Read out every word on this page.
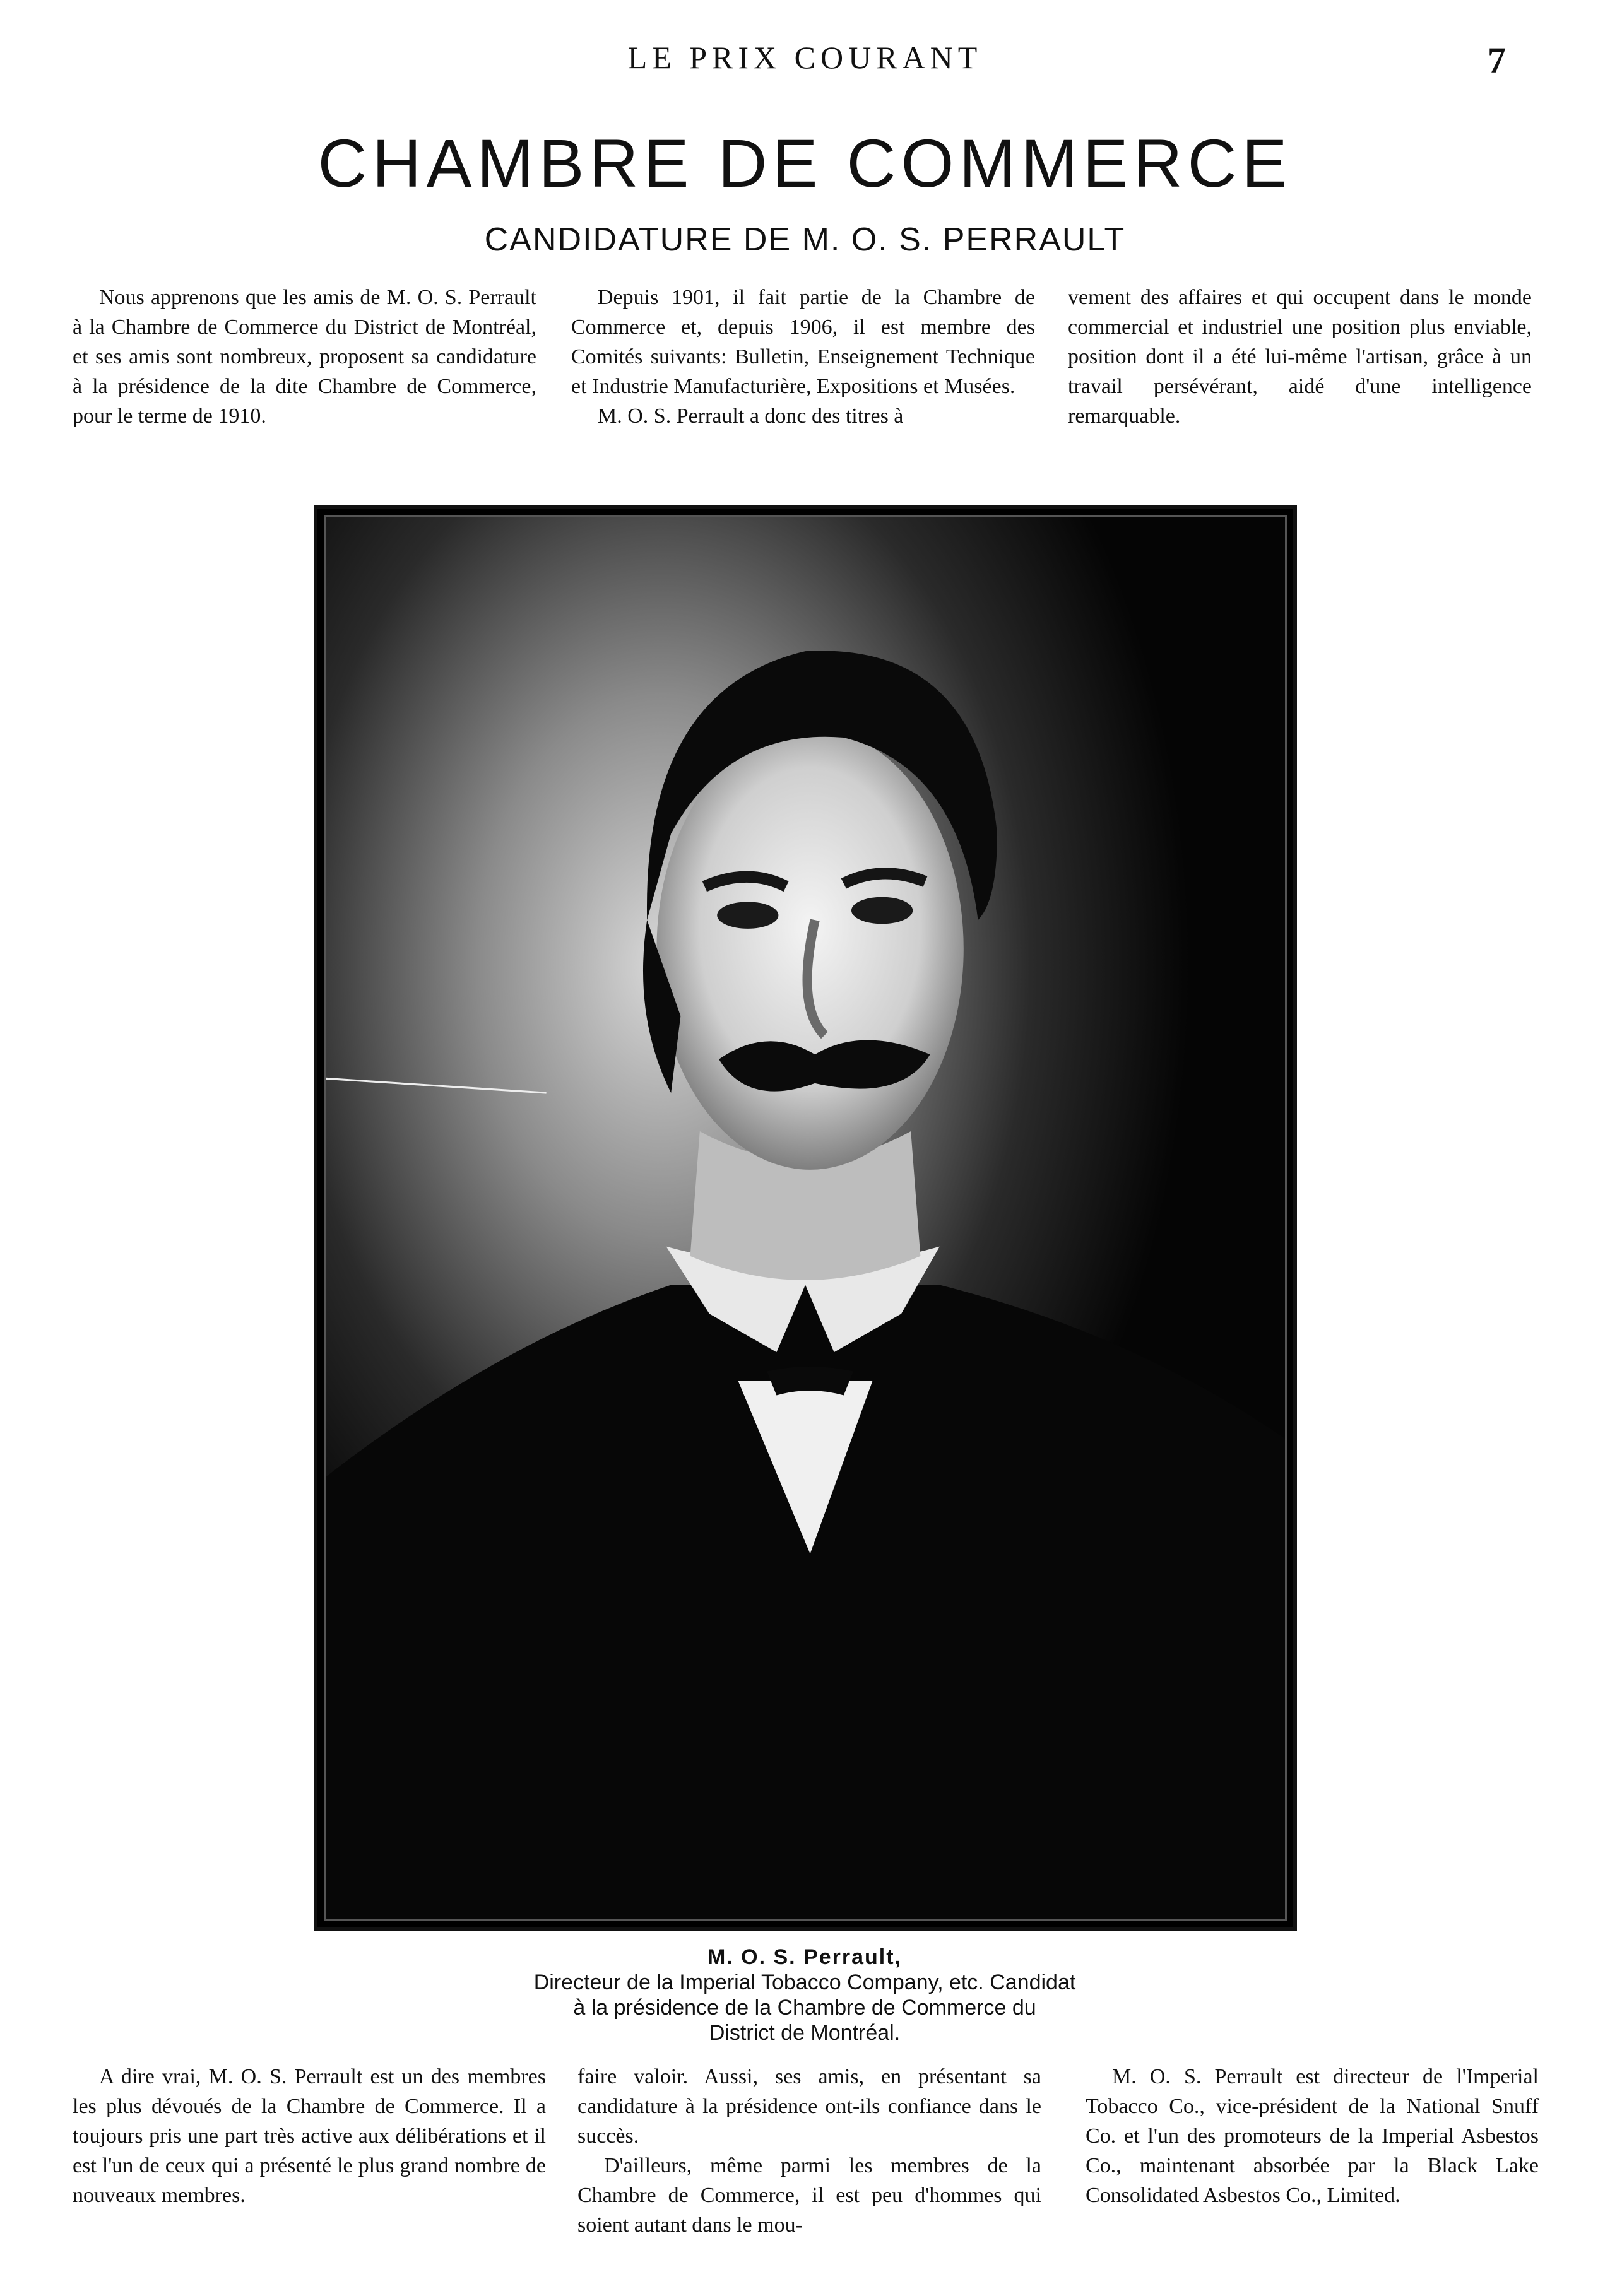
LE PRIX COURANT	7
CHAMBRE DE COMMERCE
CANDIDATURE DE M. O. S. PERRAULT

Nous apprenons que les amis de M. O. S. Perrault à la Chambre de Commerce du District de Montréal, et ses amis sont nombreux, proposent sa candidature à la présidence de la dite Chambre de Commerce, pour le terme de 1910.

Depuis 1901, il fait partie de la Chambre de Commerce et, depuis 1906, il est membre des Comités suivants: Bulletin, Enseignement Technique et Industrie Manufacturière, Expositions et Musées.

M. O. S. Perrault a donc des titres à

vement des affaires et qui occupent dans le monde commercial et industriel une position plus enviable, position dont il a été lui-même l'artisan, grâce à un travail persévérant, aidé d'une intelligence remarquable.

M. O. S. Perrault,
Directeur de la Imperial Tobacco Company, etc. Candidat
à la présidence de la Chambre de Commerce du
District de Montréal.

A dire vrai, M. O. S. Perrault est un des membres les plus dévoués de la Chambre de Commerce. Il a toujours pris une part très active aux délibérations et il est l'un de ceux qui a présenté le plus grand nombre de nouveaux membres.

faire valoir. Aussi, ses amis, en présentant sa candidature à la présidence ont-ils confiance dans le succès.

D'ailleurs, même parmi les membres de la Chambre de Commerce, il est peu d'hommes qui soient autant dans le mou-

M. O. S. Perrault est directeur de l'Imperial Tobacco Co., vice-président de la National Snuff Co. et l'un des promoteurs de la Imperial Asbestos Co., maintenant absorbée par la Black Lake Consolidated Asbestos Co., Limited.
